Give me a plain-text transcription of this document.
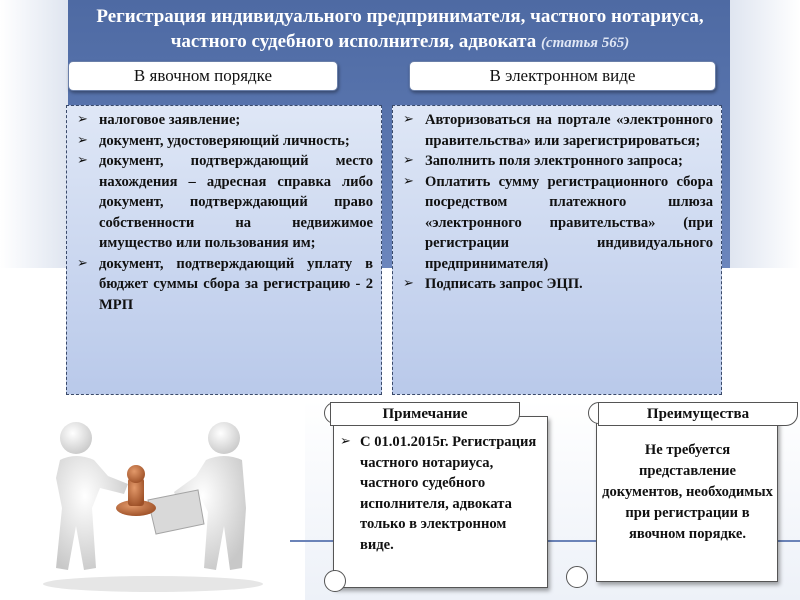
Регистрация индивидуального предпринимателя, частного нотариуса, частного судебного исполнителя, адвоката (статья 565)
В явочном порядке	В электронном виде
➢ налоговое заявление;
➢ документ, удостоверяющий личность;
➢ документ, подтверждающий место нахождения – адресная справка либо документ, подтверждающий право собственности на недвижимое имущество или пользования им;
➢ документ, подтверждающий уплату в бюджет суммы сбора за регистрацию - 2 МРП
➢ Авторизоваться на портале «электронного правительства» или зарегистрироваться;
➢ Заполнить поля электронного запроса;
➢ Оплатить сумму регистрационного сбора посредством платежного шлюза «электронного правительства» (при регистрации индивидуального предпринимателя)
➢ Подписать запрос ЭЦП.
Примечание
➢ С 01.01.2015г. Регистрация частного нотариуса, частного судебного исполнителя, адвоката только в электронном виде.
Преимущества
Не требуется представление документов, необходимых при регистрации в явочном порядке.
